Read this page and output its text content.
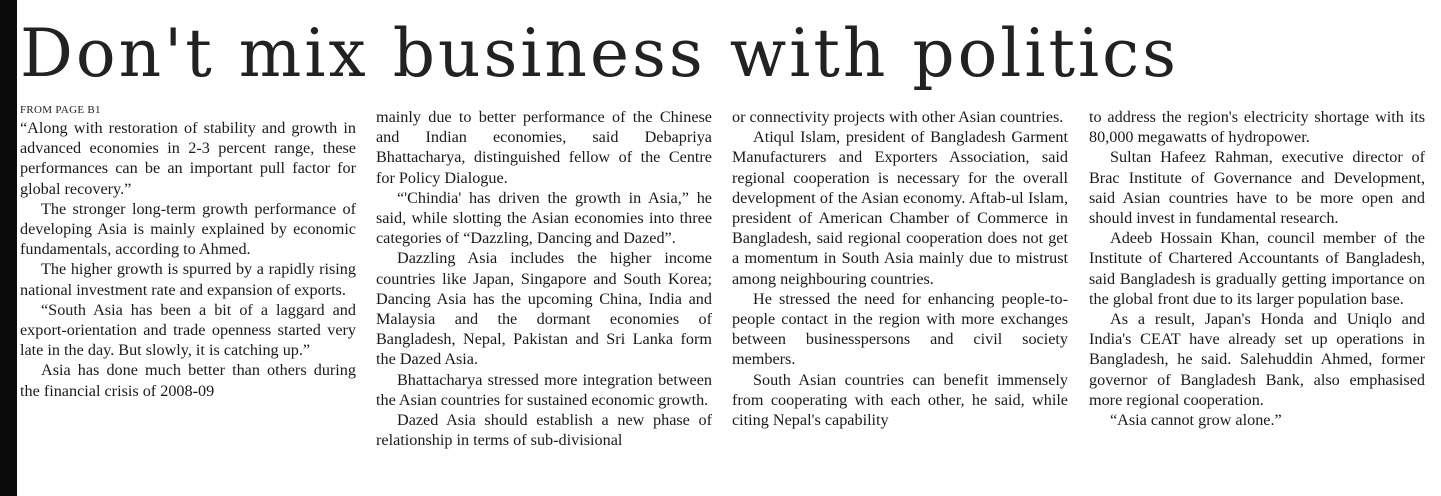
Don't mix business with politics
FROM PAGE B1

“Along with restoration of stability and growth in advanced economies in 2-3 percent range, these performances can be an important pull factor for global recovery.”

The stronger long-term growth performance of developing Asia is mainly explained by economic fundamentals, according to Ahmed.

The higher growth is spurred by a rapidly rising national investment rate and expansion of exports.

“South Asia has been a bit of a laggard and export-orientation and trade openness started very late in the day. But slowly, it is catching up.”

Asia has done much better than others during the financial crisis of 2008-09

mainly due to better performance of the Chinese and Indian economies, said Debapriya Bhattacharya, distinguished fellow of the Centre for Policy Dialogue.

“'Chindia' has driven the growth in Asia,” he said, while slotting the Asian economies into three categories of “Dazzling, Dancing and Dazed”.

Dazzling Asia includes the higher income countries like Japan, Singapore and South Korea; Dancing Asia has the upcoming China, India and Malaysia and the dormant economies of Bangladesh, Nepal, Pakistan and Sri Lanka form the Dazed Asia.

Bhattacharya stressed more integration between the Asian countries for sustained economic growth.

Dazed Asia should establish a new phase of relationship in terms of sub-divisional

or connectivity projects with other Asian countries.

Atiqul Islam, president of Bangladesh Garment Manufacturers and Exporters Association, said regional cooperation is necessary for the overall development of the Asian economy. Aftab-ul Islam, president of American Chamber of Commerce in Bangladesh, said regional cooperation does not get a momentum in South Asia mainly due to mistrust among neighbouring countries.

He stressed the need for enhancing people-to-people contact in the region with more exchanges between businesspersons and civil society members.

South Asian countries can benefit immensely from cooperating with each other, he said, while citing Nepal's capability

to address the region's electricity shortage with its 80,000 megawatts of hydropower.

Sultan Hafeez Rahman, executive director of Brac Institute of Governance and Development, said Asian countries have to be more open and should invest in fundamental research.

Adeeb Hossain Khan, council member of the Institute of Chartered Accountants of Bangladesh, said Bangladesh is gradually getting importance on the global front due to its larger population base.

As a result, Japan's Honda and Uniqlo and India's CEAT have already set up operations in Bangladesh, he said. Salehuddin Ahmed, former governor of Bangladesh Bank, also emphasised more regional cooperation.

“Asia cannot grow alone.”
